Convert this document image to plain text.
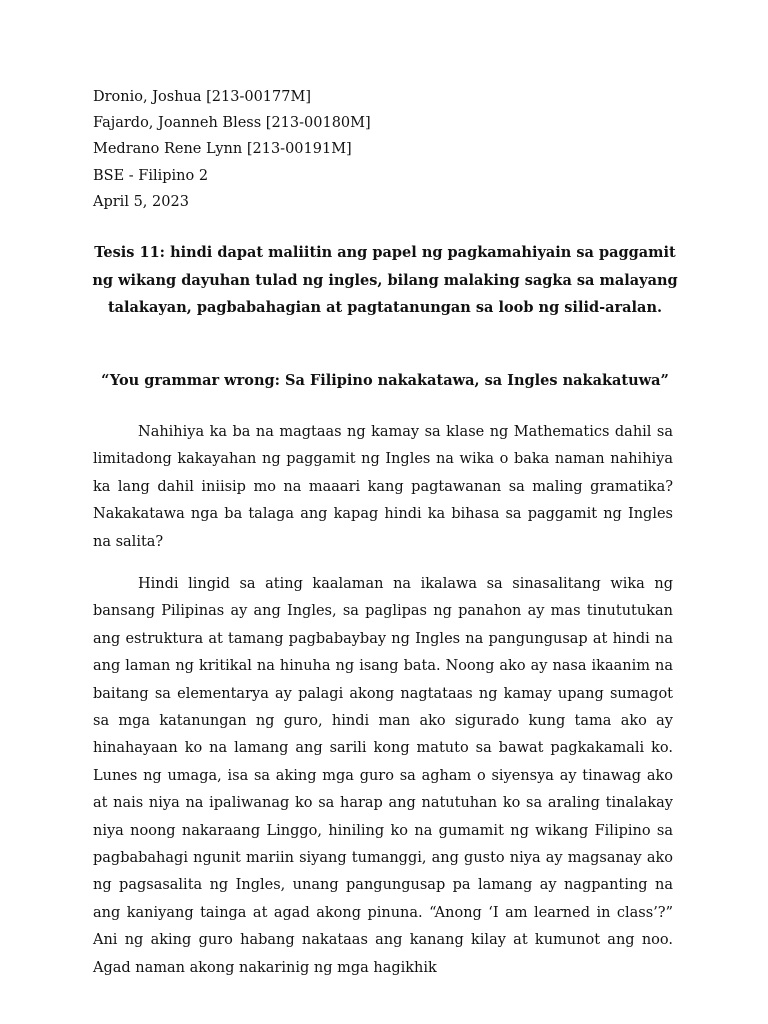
Dronio, Joshua [213-00177M]
Fajardo, Joanneh Bless [213-00180M]
Medrano Rene Lynn [213-00191M]
BSE - Filipino 2
April 5, 2023
Tesis 11: hindi dapat maliitin ang papel ng pagkamahiyain sa paggamit ng wikang dayuhan tulad ng ingles, bilang malaking sagka sa malayang talakayan, pagbabahagian at pagtatanungan sa loob ng silid-aralan.
“You grammar wrong: Sa Filipino nakakatawa, sa Ingles nakakatuwa”

Nahihiya ka ba na magtaas ng kamay sa klase ng Mathematics dahil sa limitadong kakayahan ng paggamit ng Ingles na wika o baka naman nahihiya ka lang dahil iniisip mo na maaari kang pagtawanan sa maling gramatika? Nakakatawa nga ba talaga ang kapag hindi ka bihasa sa paggamit ng Ingles na salita?

Hindi lingid sa ating kaalaman na ikalawa sa sinasalitang wika ng bansang Pilipinas ay ang Ingles, sa paglipas ng panahon ay mas tinututukan ang estruktura at tamang pagbabaybay ng Ingles na pangungusap at hindi na ang laman ng kritikal na hinuha ng isang bata. Noong ako ay nasa ikaanim na baitang sa elementarya ay palagi akong nagtataas ng kamay upang sumagot sa mga katanungan ng guro, hindi man ako sigurado kung tama ako ay hinahayaan ko na lamang ang sarili kong matuto sa bawat pagkakamali ko. Lunes ng umaga, isa sa aking mga guro sa agham o siyensya ay tinawag ako at nais niya na ipaliwanag ko sa harap ang natutuhan ko sa araling tinalakay niya noong nakaraang Linggo, hiniling ko na gumamit ng wikang Filipino sa pagbabahagi ngunit mariin siyang tumanggi, ang gusto niya ay magsanay ako ng pagsasalita ng Ingles, unang pangungusap pa lamang ay nagpanting na ang kaniyang tainga at agad akong pinuna. “Anong ‘I am learned in class’?” Ani ng aking guro habang nakataas ang kanang kilay at kumunot ang noo. Agad naman akong nakarinig ng mga hagikhik
